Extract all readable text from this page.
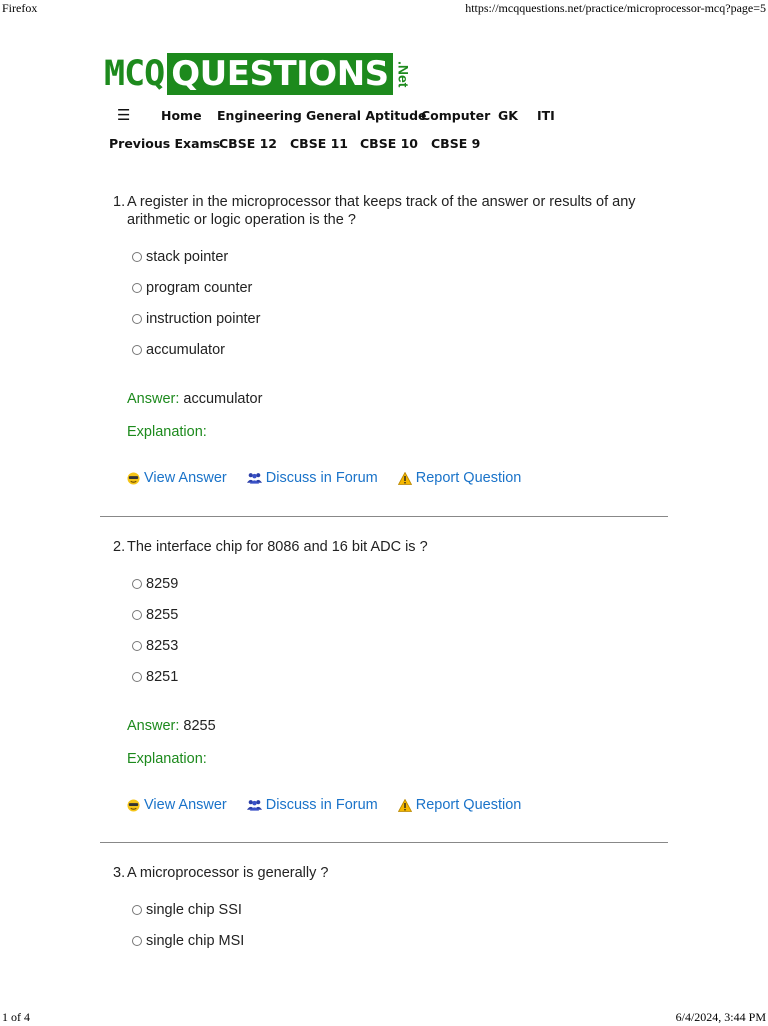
Firefox	https://mcqquestions.net/practice/microprocessor-mcq?page=5
MCQ QUESTIONS .Net
☰ Home Engineering General Aptitude
Computer GK ITI
Previous Exams
CBSE 12 CBSE 11 CBSE 10 CBSE 9
1. A register in the microprocessor that keeps track of the answer or results of any arithmetic or logic operation is the ?
stack pointer
program counter
instruction pointer
accumulator
Answer: accumulator
Explanation:
View Answer	Discuss in Forum	Report Question
2. The interface chip for 8086 and 16 bit ADC is ?
8259
8255
8253
8251
Answer: 8255
Explanation:
View Answer	Discuss in Forum	Report Question
3. A microprocessor is generally ?
single chip SSI
single chip MSI
1 of 4	6/4/2024, 3:44 PM
